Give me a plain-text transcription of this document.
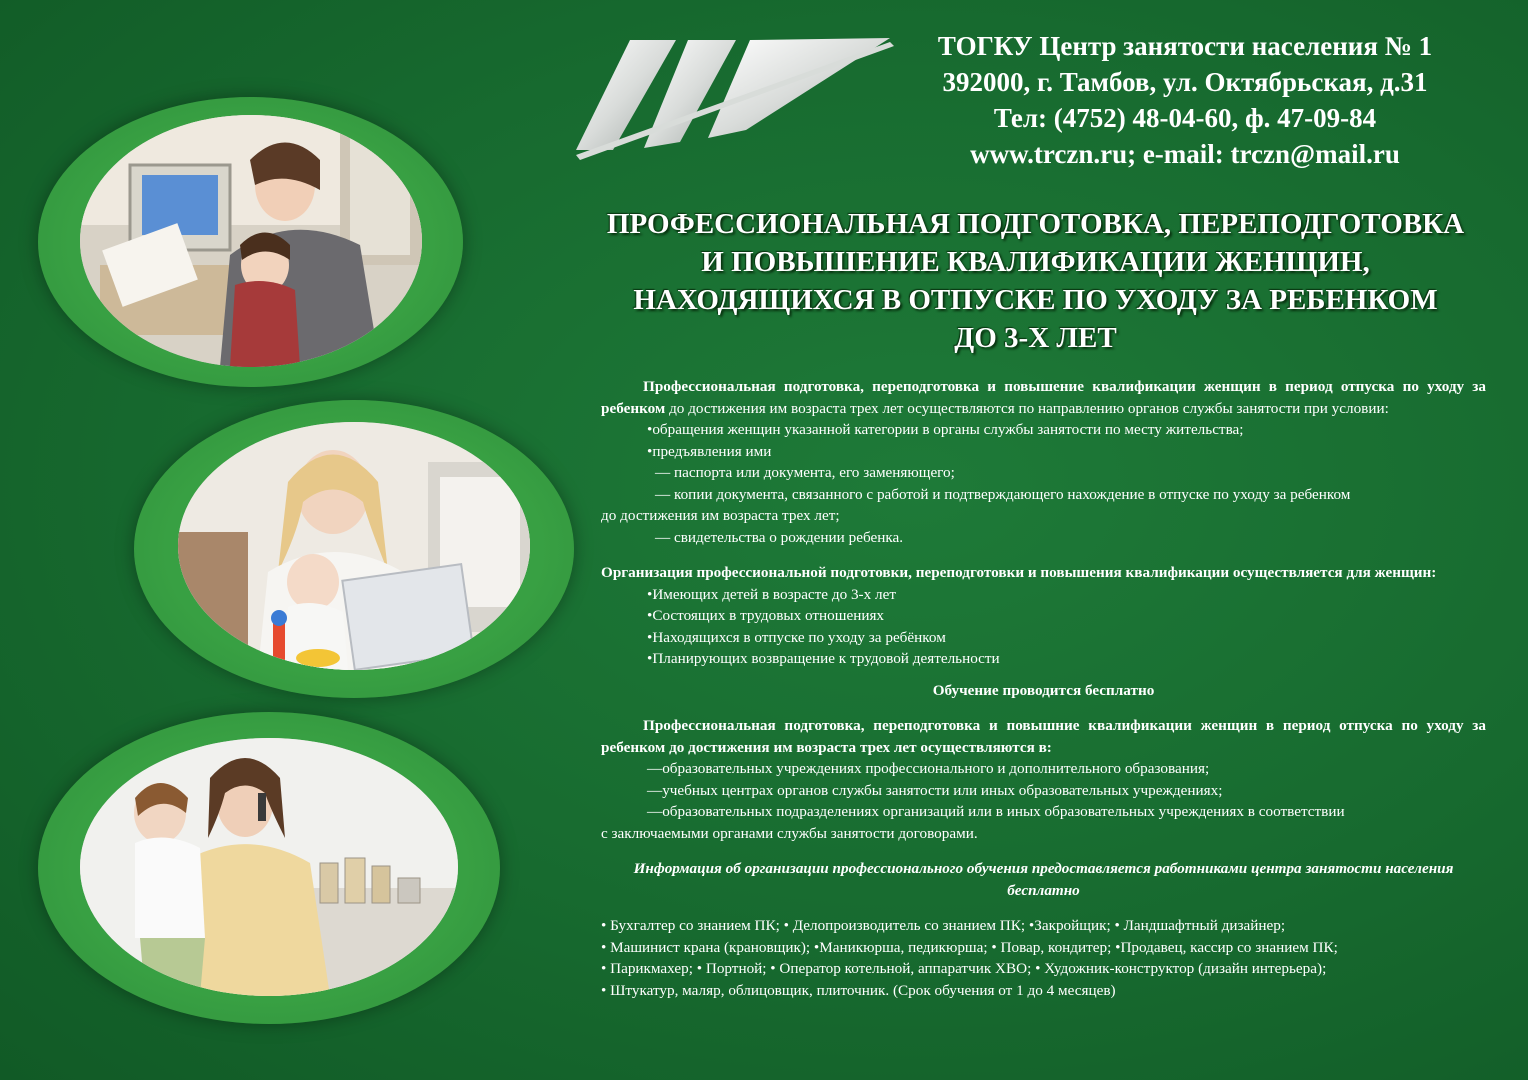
ТОГКУ Центр занятости населения № 1
392000, г. Тамбов, ул. Октябрьская, д.31
Тел: (4752) 48-04-60, ф. 47-09-84
www.trczn.ru; e-mail: trczn@mail.ru
ПРОФЕССИОНАЛЬНАЯ ПОДГОТОВКА, ПЕРЕПОДГОТОВКА
И ПОВЫШЕНИЕ КВАЛИФИКАЦИИ ЖЕНЩИН,
НАХОДЯЩИХСЯ В ОТПУСКЕ ПО УХОДУ ЗА РЕБЕНКОМ
ДО 3-Х ЛЕТ

Профессиональная подготовка, переподготовка и повышение квалификации женщин в период отпуска по уходу за ребенком до достижения им возраста трех лет осуществляются по направлению органов службы занятости при условии:

•обращения женщин указанной категории в органы службы занятости по месту жительства;

•предъявления ими

— паспорта или документа, его заменяющего;

— копии документа, связанного с работой и подтверждающего нахождение в отпуске по уходу за ребенком

до достижения им возраста трех лет;

— свидетельства о рождении ребенка.

Организация профессиональной подготовки, переподготовки и повышения квалификации осуществляется для женщин:

•Имеющих детей в возрасте до 3-х лет

•Состоящих в трудовых отношениях

•Находящихся в отпуске по уходу за ребёнком

•Планирующих возвращение к трудовой деятельности

Обучение проводится бесплатно

Профессиональная подготовка, переподготовка и повышние квалификации женщин в период отпуска по уходу за ребенком до достижения им возраста трех лет осуществляются в:

—образовательных учреждениях профессионального и дополнительного образования;

—учебных центрах органов службы занятости или иных образовательных учреждениях;

—образовательных подразделениях организаций или в иных образовательных учреждениях в соответствии

с заключаемыми органами службы занятости договорами.

Информация об организации профессионального обучения предоставляется работниками центра занятости населения бесплатно

• Бухгалтер со знанием ПК; • Делопроизводитель со знанием ПК; •Закройщик; • Ландшафтный дизайнер;

• Машинист крана (крановщик); •Маникюрша, педикюрша; • Повар, кондитер; •Продавец, кассир со знанием ПК;

• Парикмахер; • Портной; • Оператор котельной, аппаратчик ХВО; • Художник-конструктор (дизайн интерьера);

• Штукатур, маляр, облицовщик, плиточник. (Срок обучения от 1 до 4 месяцев)
